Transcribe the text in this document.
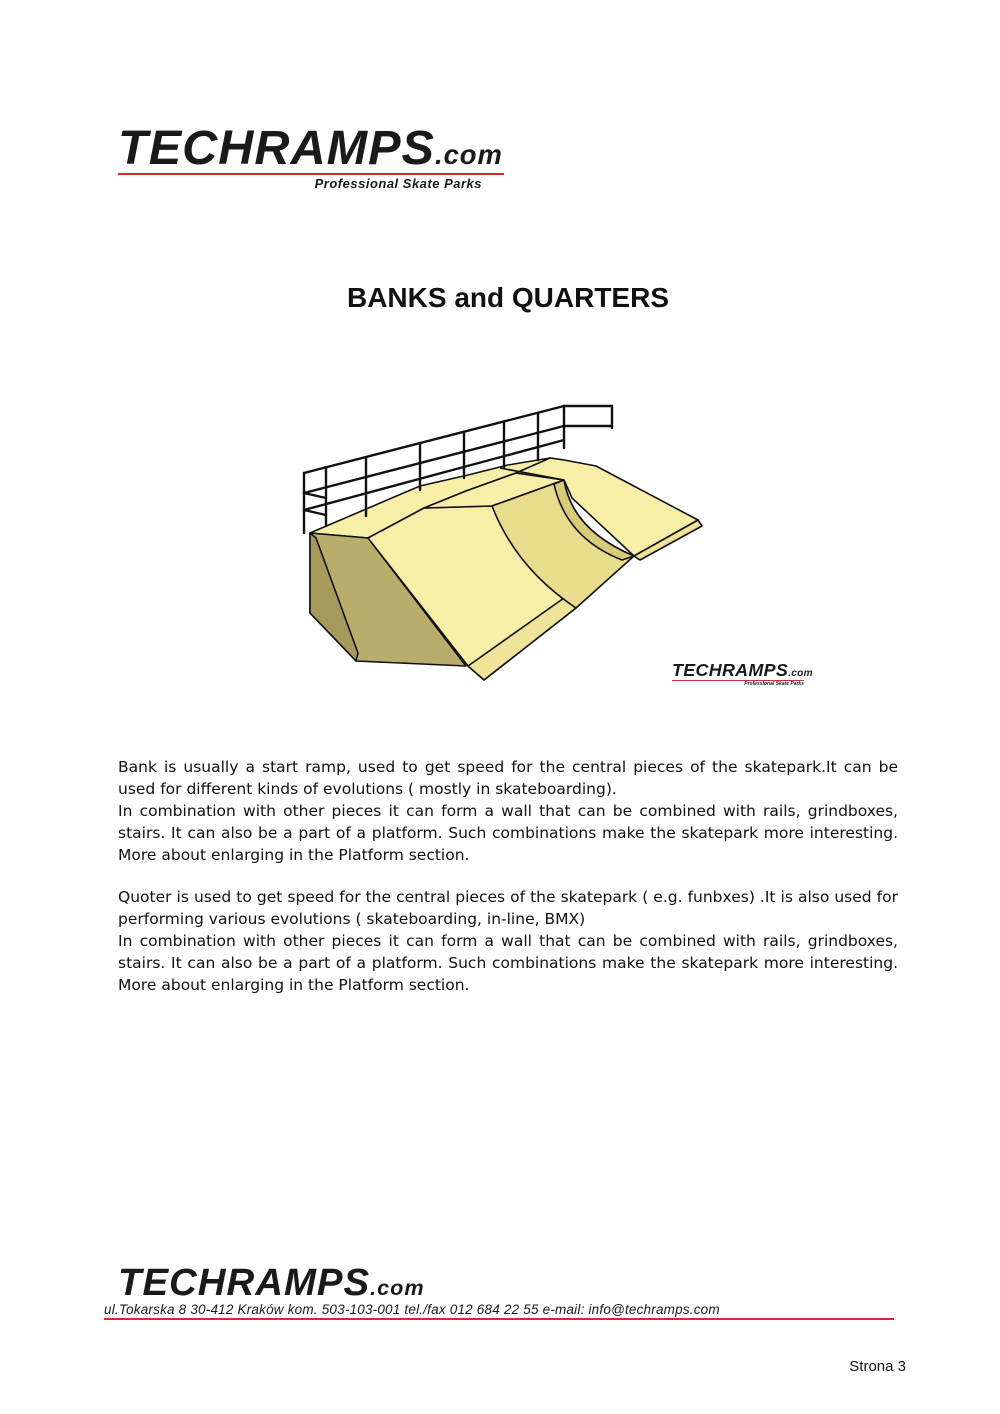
TECHRAMPS.com
Professional Skate Parks
BANKS and QUARTERS
TECHRAMPS.com
Professional Skate Parks

Bank is usually a start ramp, used to get speed for the central pieces of the skatepark.It can be used for different kinds of evolutions ( mostly in skateboarding).

In combination with other pieces it can form a wall that can be combined with rails, grindboxes, stairs. It can also be a part of a platform. Such combinations make the skatepark more interesting. More about enlarging in the Platform section.

Quoter is used to get speed for the central pieces of the skatepark ( e.g. funbxes) .It is also used for performing various evolutions ( skateboarding, in-line, BMX)

In combination with other pieces it can form a wall that can be combined with rails, grindboxes, stairs. It can also be a part of a platform. Such combinations make the skatepark more interesting. More about enlarging in the Platform section.

TECHRAMPS.com
ul.Tokarska 8 30-412 Kraków kom. 503-103-001 tel./fax 012 684 22 55 e-mail: info@techramps.com
Strona 3
